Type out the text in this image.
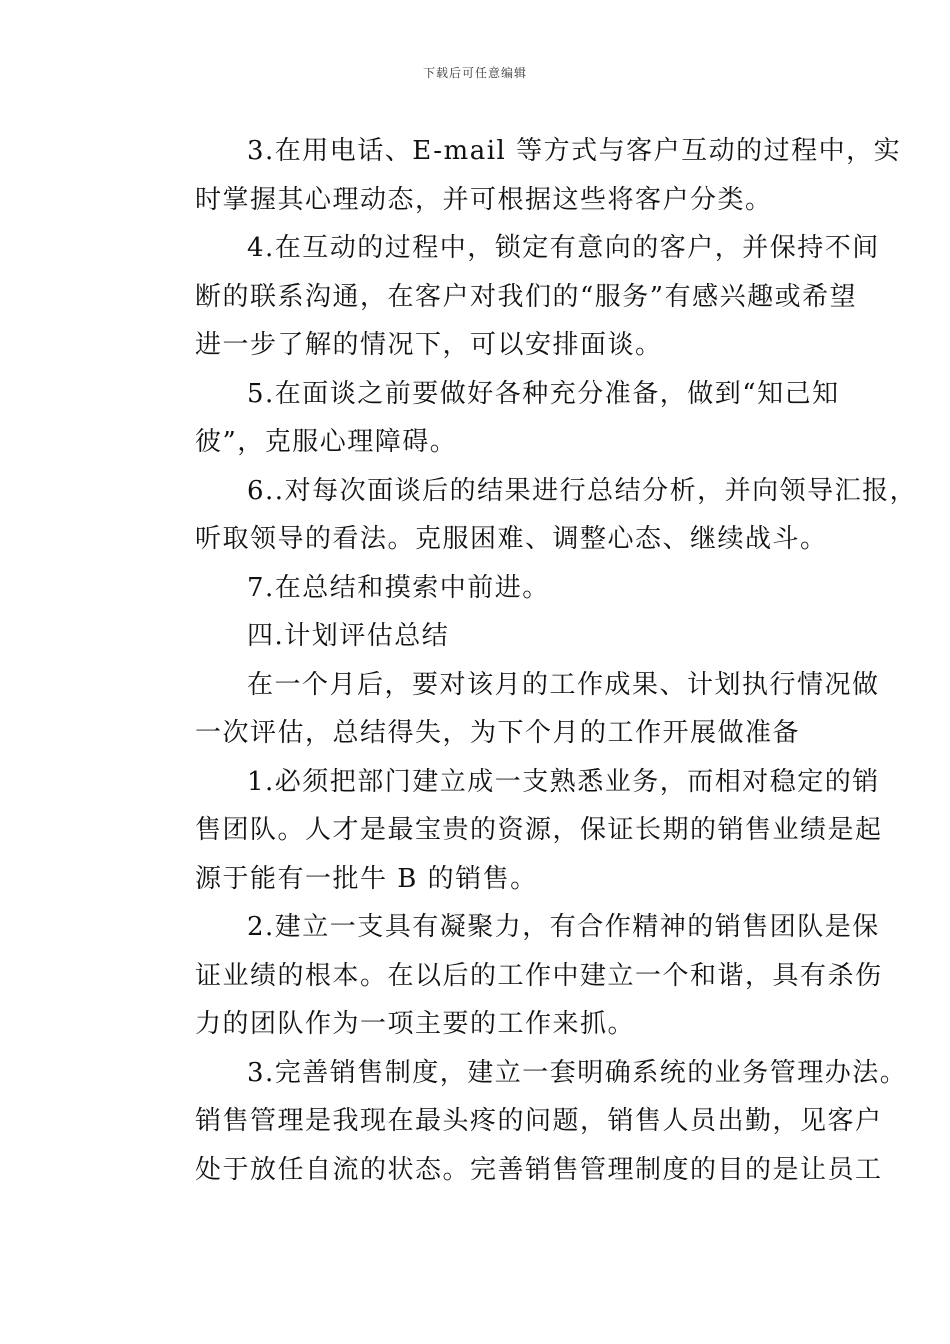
下载后可任意编辑
3.在用电话、E-mail 等方式与客户互动的过程中，实
时掌握其心理动态，并可根据这些将客户分类。
4.在互动的过程中，锁定有意向的客户，并保持不间
断的联系沟通，在客户对我们的“服务”有感兴趣或希望
进一步了解的情况下，可以安排面谈。
5.在面谈之前要做好各种充分准备，做到“知己知
彼”，克服心理障碍。
6..对每次面谈后的结果进行总结分析，并向领导汇报，
听取领导的看法。克服困难、调整心态、继续战斗。
7.在总结和摸索中前进。
四.计划评估总结
在一个月后，要对该月的工作成果、计划执行情况做
一次评估，总结得失，为下个月的工作开展做准备
1.必须把部门建立成一支熟悉业务，而相对稳定的销
售团队。人才是最宝贵的资源，保证长期的销售业绩是起
源于能有一批牛 B 的销售。
2.建立一支具有凝聚力，有合作精神的销售团队是保
证业绩的根本。在以后的工作中建立一个和谐，具有杀伤
力的团队作为一项主要的工作来抓。
3.完善销售制度，建立一套明确系统的业务管理办法。
销售管理是我现在最头疼的问题，销售人员出勤，见客户
处于放任自流的状态。完善销售管理制度的目的是让员工
